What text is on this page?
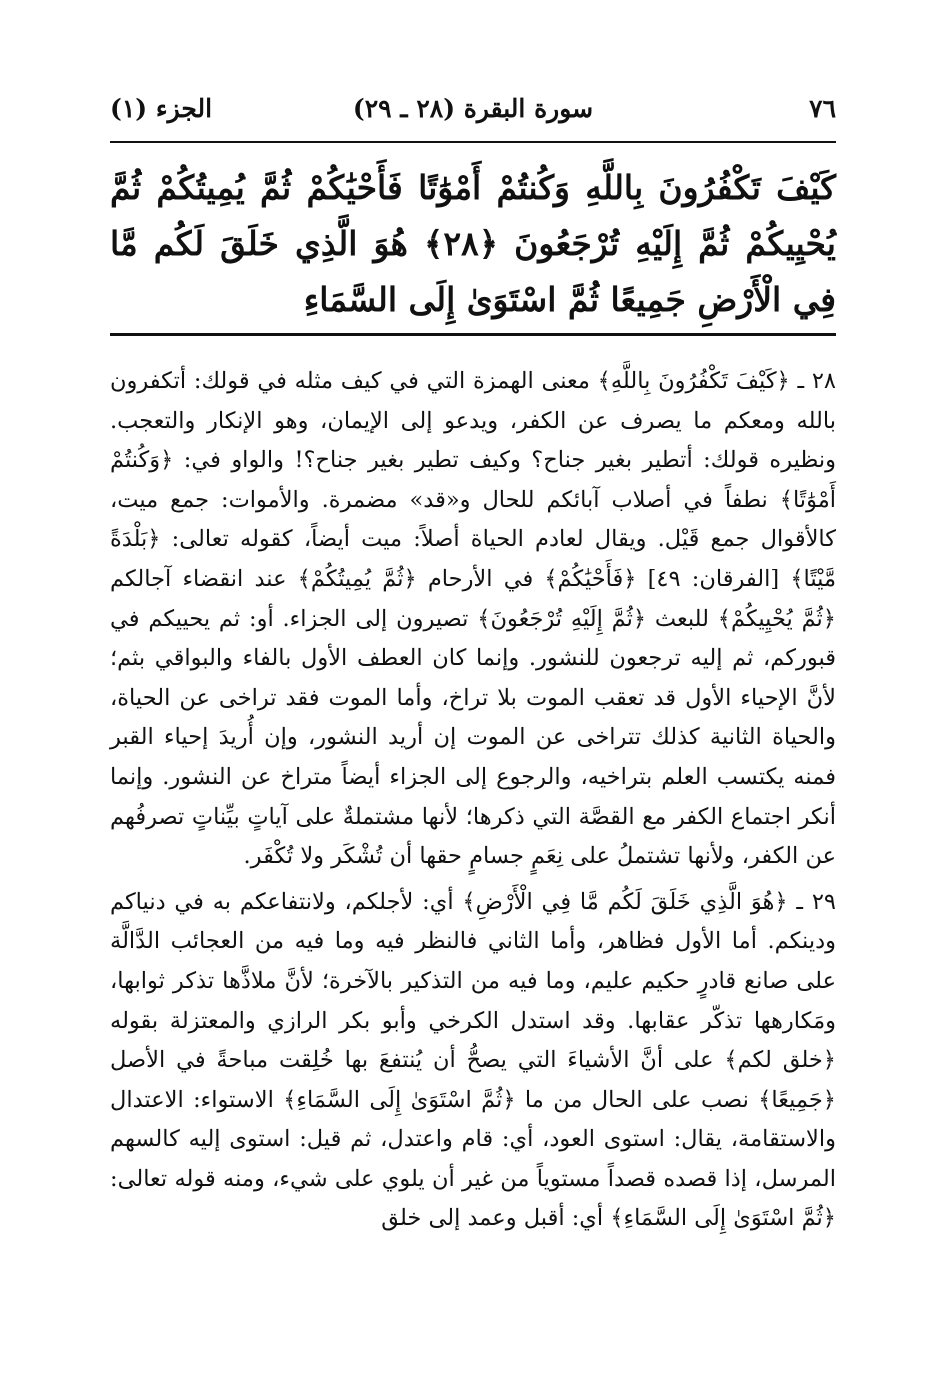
٧٦
سورة البقرة (٢٨ ـ ٢٩)
الجزء (١)

كَيْفَ تَكْفُرُونَ بِاللَّهِ وَكُنتُمْ أَمْوَٰتًا فَأَحْيَٰكُمْ ثُمَّ يُمِيتُكُمْ ثُمَّ يُحْيِيكُمْ ثُمَّ إِلَيْهِ تُرْجَعُونَ ﴿٢٨﴾ هُوَ الَّذِي خَلَقَ لَكُم مَّا فِي الْأَرْضِ جَمِيعًا ثُمَّ اسْتَوَىٰ إِلَى السَّمَاءِ

٢٨ ـ ﴿كَيْفَ تَكْفُرُونَ بِاللَّهِ﴾ معنى الهمزة التي في كيف مثله في قولك: أتكفرون بالله ومعكم ما يصرف عن الكفر، ويدعو إلى الإيمان، وهو الإنكار والتعجب. ونظيره قولك: أتطير بغير جناح؟ وكيف تطير بغير جناح؟! والواو في: ﴿وَكُنتُمْ أَمْوَٰتًا﴾ نطفاً في أصلاب آبائكم للحال و«قد» مضمرة. والأموات: جمع ميت، كالأقوال جمع قَيْل. ويقال لعادم الحياة أصلاً: ميت أيضاً، كقوله تعالى: ﴿بَلْدَةً مَّيْتًا﴾ [الفرقان: ٤٩] ﴿فَأَحْيَٰكُمْ﴾ في الأرحام ﴿ثُمَّ يُمِيتُكُمْ﴾ عند انقضاء آجالكم ﴿ثُمَّ يُحْيِيكُمْ﴾ للبعث ﴿ثُمَّ إِلَيْهِ تُرْجَعُونَ﴾ تصيرون إلى الجزاء. أو: ثم يحييكم في قبوركم، ثم إليه ترجعون للنشور. وإنما كان العطف الأول بالفاء والبواقي بثم؛ لأنَّ الإحياء الأول قد تعقب الموت بلا تراخ، وأما الموت فقد تراخى عن الحياة، والحياة الثانية كذلك تتراخى عن الموت إن أريد النشور، وإن أُريدَ إحياء القبر فمنه يكتسب العلم بتراخيه، والرجوع إلى الجزاء أيضاً متراخ عن النشور. وإنما أنكر اجتماع الكفر مع القصَّة التي ذكرها؛ لأنها مشتملةٌ على آياتٍ بيِّناتٍ تصرفُهم عن الكفر، ولأنها تشتملُ على نِعَمٍ جسامٍ حقها أن تُشْكَر ولا تُكْفَر.

٢٩ ـ ﴿هُوَ الَّذِي خَلَقَ لَكُم مَّا فِي الْأَرْضِ﴾ أي: لأجلكم، ولانتفاعكم به في دنياكم ودينكم. أما الأول فظاهر، وأما الثاني فالنظر فيه وما فيه من العجائب الدَّالَّة على صانع قادرٍ حكيم عليم، وما فيه من التذكير بالآخرة؛ لأنَّ ملاذَّها تذكر ثوابها، ومَكارهها تذكّر عقابها. وقد استدل الكرخي وأبو بكر الرازي والمعتزلة بقوله ﴿خلق لكم﴾ على أنَّ الأشياءَ التي يصحُّ أن يُنتفعَ بها خُلِقت مباحةً في الأصل ﴿جَمِيعًا﴾ نصب على الحال من ما ﴿ثُمَّ اسْتَوَىٰ إِلَى السَّمَاءِ﴾ الاستواء: الاعتدال والاستقامة، يقال: استوى العود، أي: قام واعتدل، ثم قيل: استوى إليه كالسهم المرسل، إذا قصده قصداً مستوياً من غير أن يلوي على شيء، ومنه قوله تعالى: ﴿ثُمَّ اسْتَوَىٰ إِلَى السَّمَاءِ﴾ أي: أقبل وعمد إلى خلق
